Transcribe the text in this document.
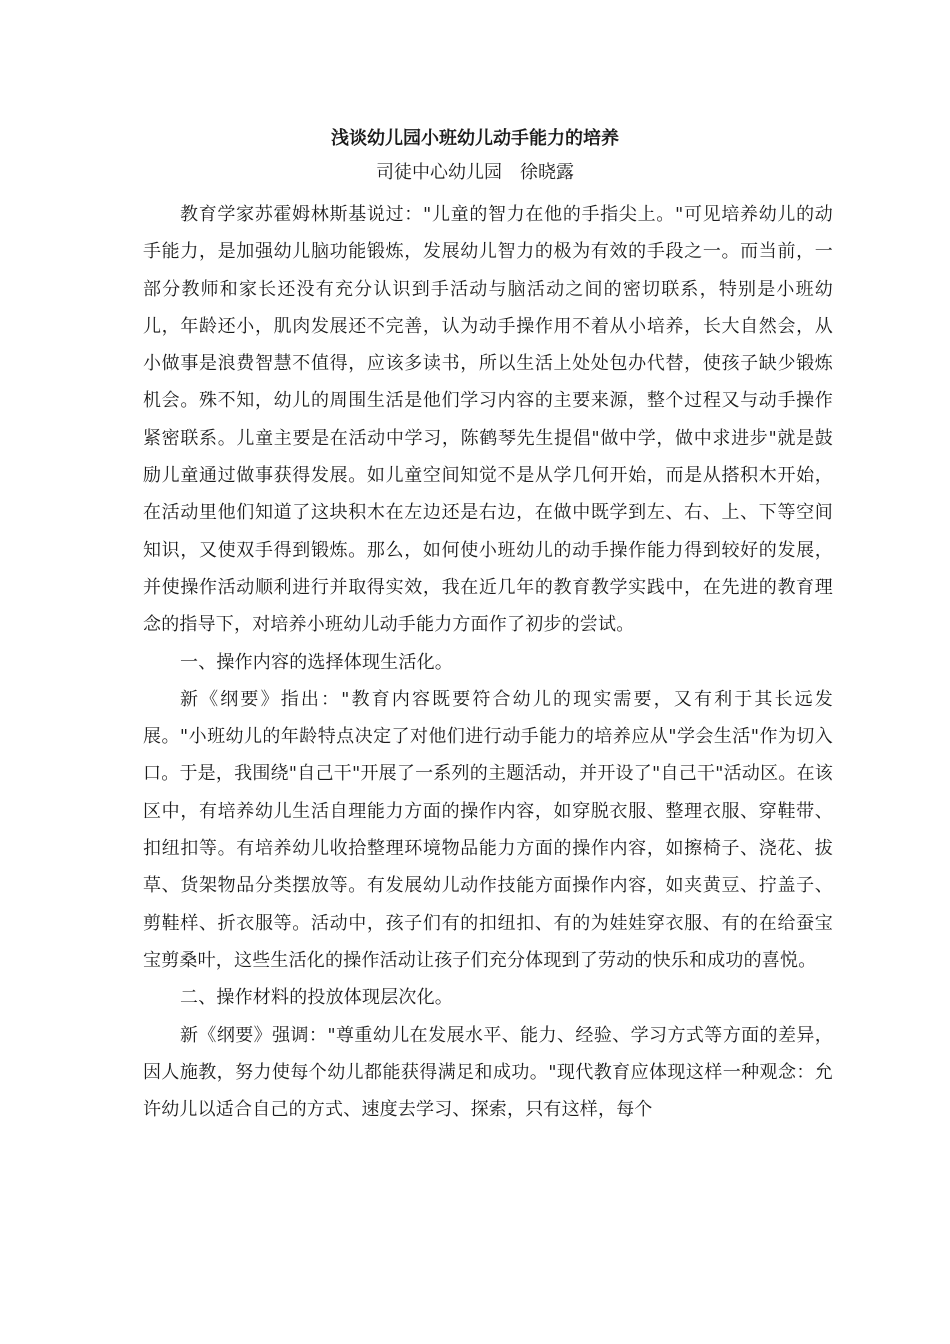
浅谈幼儿园小班幼儿动手能力的培养
司徒中心幼儿园　徐晓露

教育学家苏霍姆林斯基说过："儿童的智力在他的手指尖上。"可见培养幼儿的动手能力，是加强幼儿脑功能锻炼，发展幼儿智力的极为有效的手段之一。而当前，一部分教师和家长还没有充分认识到手活动与脑活动之间的密切联系，特别是小班幼儿，年龄还小，肌肉发展还不完善，认为动手操作用不着从小培养，长大自然会，从小做事是浪费智慧不值得，应该多读书，所以生活上处处包办代替，使孩子缺少锻炼机会。殊不知，幼儿的周围生活是他们学习内容的主要来源，整个过程又与动手操作紧密联系。儿童主要是在活动中学习，陈鹤琴先生提倡"做中学，做中求进步"就是鼓励儿童通过做事获得发展。如儿童空间知觉不是从学几何开始，而是从搭积木开始，在活动里他们知道了这块积木在左边还是右边，在做中既学到左、右、上、下等空间知识，又使双手得到锻炼。那么，如何使小班幼儿的动手操作能力得到较好的发展，并使操作活动顺利进行并取得实效，我在近几年的教育教学实践中，在先进的教育理念的指导下，对培养小班幼儿动手能力方面作了初步的尝试。

一、操作内容的选择体现生活化。

新《纲要》指出："教育内容既要符合幼儿的现实需要，又有利于其长远发展。"小班幼儿的年龄特点决定了对他们进行动手能力的培养应从"学会生活"作为切入口。于是，我围绕"自己干"开展了一系列的主题活动，并开设了"自己干"活动区。在该区中，有培养幼儿生活自理能力方面的操作内容，如穿脱衣服、整理衣服、穿鞋带、扣纽扣等。有培养幼儿收拾整理环境物品能力方面的操作内容，如擦椅子、浇花、拔草、货架物品分类摆放等。有发展幼儿动作技能方面操作内容，如夹黄豆、拧盖子、剪鞋样、折衣服等。活动中，孩子们有的扣纽扣、有的为娃娃穿衣服、有的在给蚕宝宝剪桑叶，这些生活化的操作活动让孩子们充分体现到了劳动的快乐和成功的喜悦。

二、操作材料的投放体现层次化。

新《纲要》强调："尊重幼儿在发展水平、能力、经验、学习方式等方面的差异，因人施教，努力使每个幼儿都能获得满足和成功。"现代教育应体现这样一种观念：允许幼儿以适合自己的方式、速度去学习、探索，只有这样，每个
